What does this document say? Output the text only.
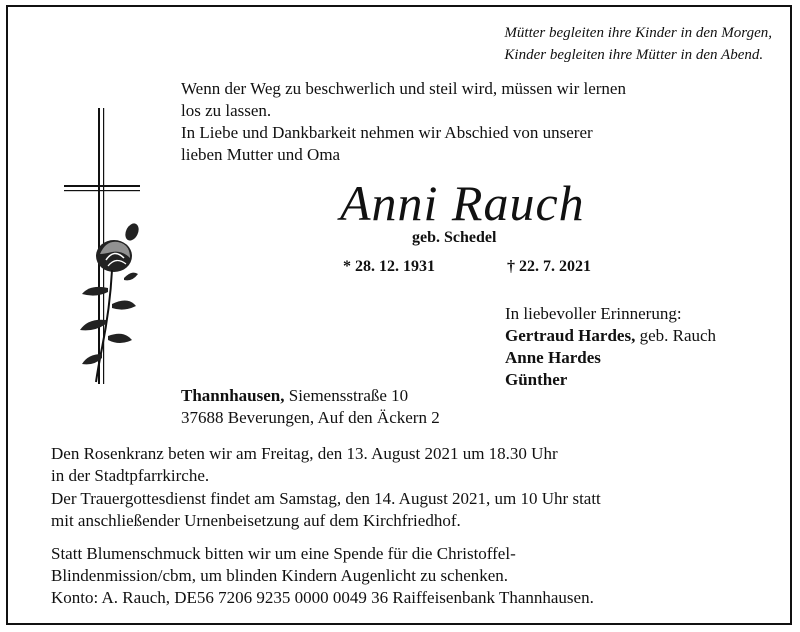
Mütter begleiten ihre Kinder in den Morgen,
Kinder begleiten ihre Mütter in den Abend.
Wenn der Weg zu beschwerlich und steil wird, müssen wir lernen
los zu lassen.
In Liebe und Dankbarkeit nehmen wir Abschied von unserer
lieben Mutter und Oma
Anni Rauch
geb. Schedel
* 28. 12. 1931	† 22. 7. 2021
In liebevoller Erinnerung:
Gertraud Hardes, geb. Rauch
Anne Hardes
Günther
Thannhausen, Siemensstraße 10
37688 Beverungen, Auf den Äckern 2
Den Rosenkranz beten wir am Freitag, den 13. August 2021 um 18.30 Uhr
in der Stadtpfarrkirche.
Der Trauergottesdienst findet am Samstag, den 14. August 2021, um 10 Uhr statt
mit anschließender Urnenbeisetzung auf dem Kirchfriedhof.
Statt Blumenschmuck bitten wir um eine Spende für die Christoffel-
Blindenmission/cbm, um blinden Kindern Augenlicht zu schenken.
Konto: A. Rauch, DE56 7206 9235 0000 0049 36 Raiffeisenbank Thannhausen.
